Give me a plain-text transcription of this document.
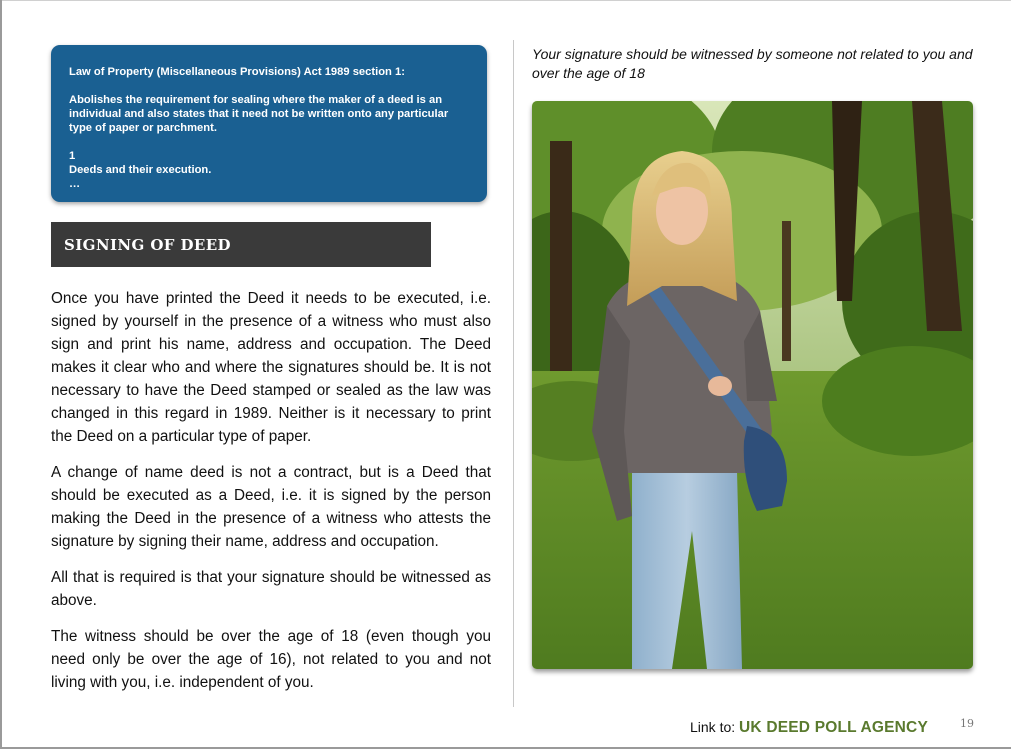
Law of Property (Miscellaneous Provisions) Act 1989 section 1:

Abolishes the requirement for sealing where the maker of a deed is an individual and also states that it need not be written onto any particular type of paper or parchment.

1

Deeds and their execution.

…

SIGNING OF DEED

Once you have printed the Deed it needs to be executed, i.e. signed by yourself in the presence of a witness who must also sign and print his name, address and occupation. The Deed makes it clear who and where the signatures should be. It is not necessary to have the Deed stamped or sealed as the law was changed in this regard in 1989. Neither is it necessary to print the Deed on a particular type of paper.

A change of name deed is not a contract, but is a Deed that should be executed as a Deed, i.e. it is signed by the person making the Deed in the presence of a witness who attests the signature by signing their name, address and occupation.

All that is required is that your signature should be witnessed as above.

The witness should be over the age of 18 (even though you need only be over the age of 16), not related to you and not living with you, i.e. independent of you.

Your signature should be witnessed by someone not related to you and over the age of 18
Link to: UK DEED POLL AGENCY	19
